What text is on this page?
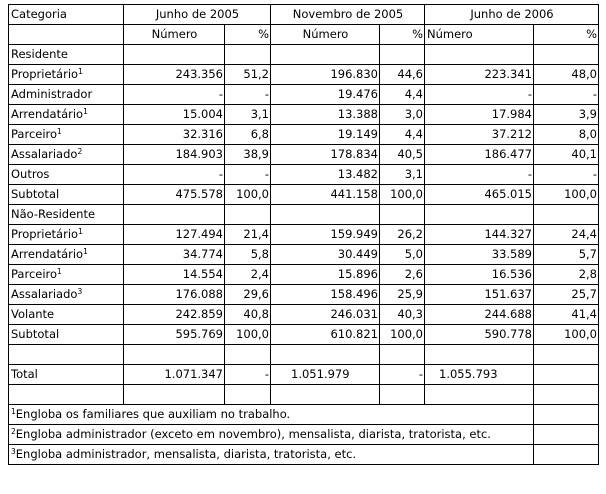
Categoria	Junho de 2005		Novembro de 2005		Junho de 2006	
	Número	%	Número	%	Número	%
Residente						
Proprietário$^1$	243.356	51,2	196.830	44,6	223.341	48,0
Administrador	-	-	19.476	4,4	-	-
Arrendatário$^1$	15.004	3,1	13.388	3,0	17.984	3,9
Parceiro$^1$	32.316	6,8	19.149	4,4	37.212	8,0
Assalariado$^2$	184.903	38,9	178.834	40,5	186.477	40,1
Outros	-	-	13.482	3,1	-	-
Subtotal	475.578	100,0	441.158	100,0	465.015	100,0
Não-Residente						
Proprietário$^1$	127.494	21,4	159.949	26,2	144.327	24,4
Arrendatário$^1$	34.774	5,8	30.449	5,0	33.589	5,7
Parceiro$^1$	14.554	2,4	15.896	2,6	16.536	2,8
Assalariado$^3$	176.088	29,6	158.496	25,9	151.637	25,7
Volante	242.859	40,8	246.031	40,3	244.688	41,4
Subtotal	595.769	100,0	610.821	100,0	590.778	100,0

Total	1.071.347	-	1.051.979	-	1.055.793	

$^1$Engloba os familiares que auxiliam no trabalho.						
$^2$Engloba administrador (exceto em novembro), mensalista, diarista, tratorista, etc.						
$^3$Engloba administrador, mensalista, diarista, tratorista, etc.						
